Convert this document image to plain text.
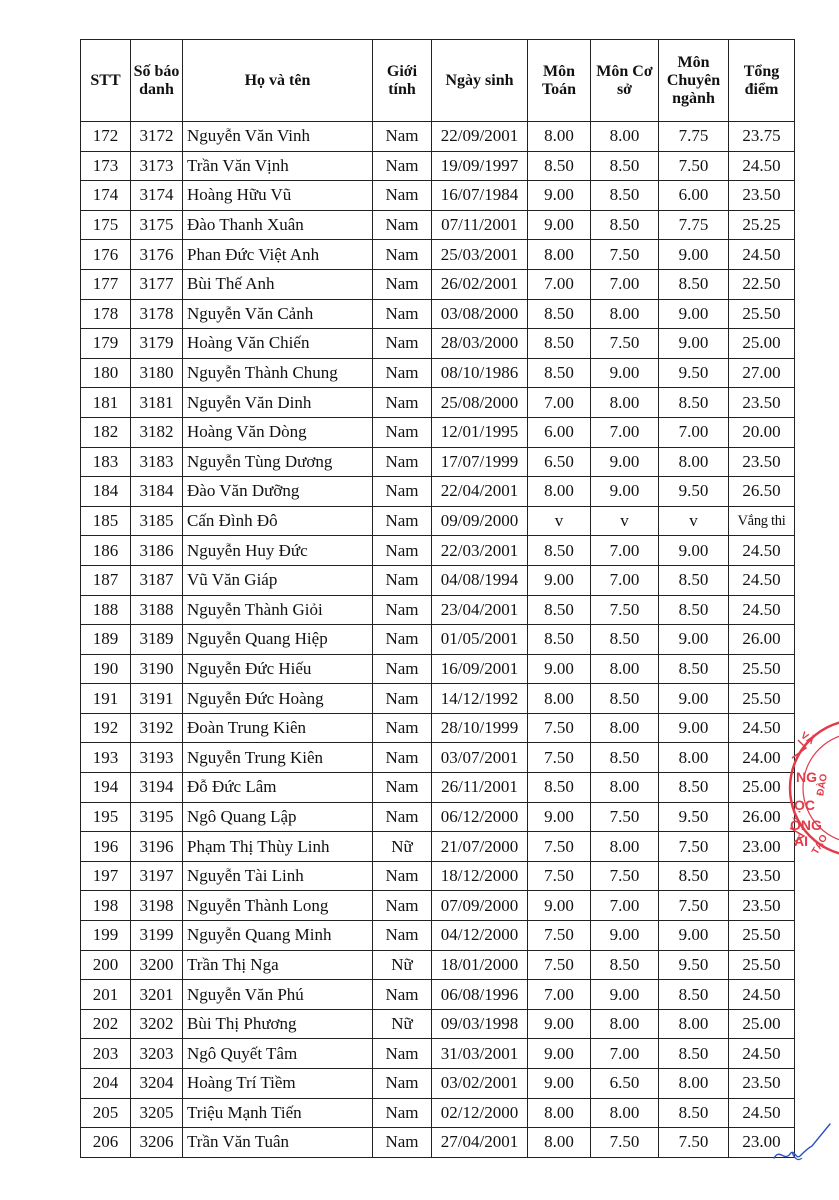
STT	Số báo danh	Họ và tên	Giới tính	Ngày sinh	Môn Toán	Môn Cơ sở	Môn Chuyên ngành	Tổng điểm
172	3172	Nguyễn Văn Vinh	Nam	22/09/2001	8.00	8.00	7.75	23.75
173	3173	Trần Văn Vịnh	Nam	19/09/1997	8.50	8.50	7.50	24.50
174	3174	Hoàng Hữu Vũ	Nam	16/07/1984	9.00	8.50	6.00	23.50
175	3175	Đào Thanh Xuân	Nam	07/11/2001	9.00	8.50	7.75	25.25
176	3176	Phan Đức Việt Anh	Nam	25/03/2001	8.00	7.50	9.00	24.50
177	3177	Bùi Thế Anh	Nam	26/02/2001	7.00	7.00	8.50	22.50
178	3178	Nguyễn Văn Cảnh	Nam	03/08/2000	8.50	8.00	9.00	25.50
179	3179	Hoàng Văn Chiến	Nam	28/03/2000	8.50	7.50	9.00	25.00
180	3180	Nguyễn Thành Chung	Nam	08/10/1986	8.50	9.00	9.50	27.00
181	3181	Nguyễn Văn Dinh	Nam	25/08/2000	7.00	8.00	8.50	23.50
182	3182	Hoàng Văn Dòng	Nam	12/01/1995	6.00	7.00	7.00	20.00
183	3183	Nguyễn Tùng Dương	Nam	17/07/1999	6.50	9.00	8.00	23.50
184	3184	Đào Văn Dưỡng	Nam	22/04/2001	8.00	9.00	9.50	26.50
185	3185	Cấn Đình Đô	Nam	09/09/2000	v	v	v	Vắng thi
186	3186	Nguyễn Huy Đức	Nam	22/03/2001	8.50	7.00	9.00	24.50
187	3187	Vũ Văn Giáp	Nam	04/08/1994	9.00	7.00	8.50	24.50
188	3188	Nguyễn Thành Giỏi	Nam	23/04/2001	8.50	7.50	8.50	24.50
189	3189	Nguyễn Quang Hiệp	Nam	01/05/2001	8.50	8.50	9.00	26.00
190	3190	Nguyễn Đức Hiếu	Nam	16/09/2001	9.00	8.00	8.50	25.50
191	3191	Nguyễn Đức Hoàng	Nam	14/12/1992	8.00	8.50	9.00	25.50
192	3192	Đoàn Trung Kiên	Nam	28/10/1999	7.50	8.00	9.00	24.50
193	3193	Nguyễn Trung Kiên	Nam	03/07/2001	7.50	8.50	8.00	24.00
194	3194	Đỗ Đức Lâm	Nam	26/11/2001	8.50	8.00	8.50	25.00
195	3195	Ngô Quang Lập	Nam	06/12/2000	9.00	7.50	9.50	26.00
196	3196	Phạm Thị Thùy Linh	Nữ	21/07/2000	7.50	8.00	7.50	23.00
197	3197	Nguyễn Tài Linh	Nam	18/12/2000	7.50	7.50	8.50	23.50
198	3198	Nguyễn Thành Long	Nam	07/09/2000	9.00	7.00	7.50	23.50
199	3199	Nguyễn Quang Minh	Nam	04/12/2000	7.50	9.00	9.00	25.50
200	3200	Trần Thị Nga	Nữ	18/01/2000	7.50	8.50	9.50	25.50
201	3201	Nguyễn Văn Phú	Nam	06/08/1996	7.00	9.00	8.50	24.50
202	3202	Bùi Thị Phương	Nữ	09/03/1998	9.00	8.00	8.00	25.00
203	3203	Ngô Quyết Tâm	Nam	31/03/2001	9.00	7.00	8.50	24.50
204	3204	Hoàng Trí Tiềm	Nam	03/02/2001	9.00	6.50	8.00	23.50
205	3205	Triệu Mạnh Tiến	Nam	02/12/2000	8.00	8.00	8.50	24.50
206	3206	Trần Văn Tuân	Nam	27/04/2001	8.00	7.50	7.50	23.00
VÀ
NG
ỌC
ỒNG
ẢI
ĐÀO
TẠO
